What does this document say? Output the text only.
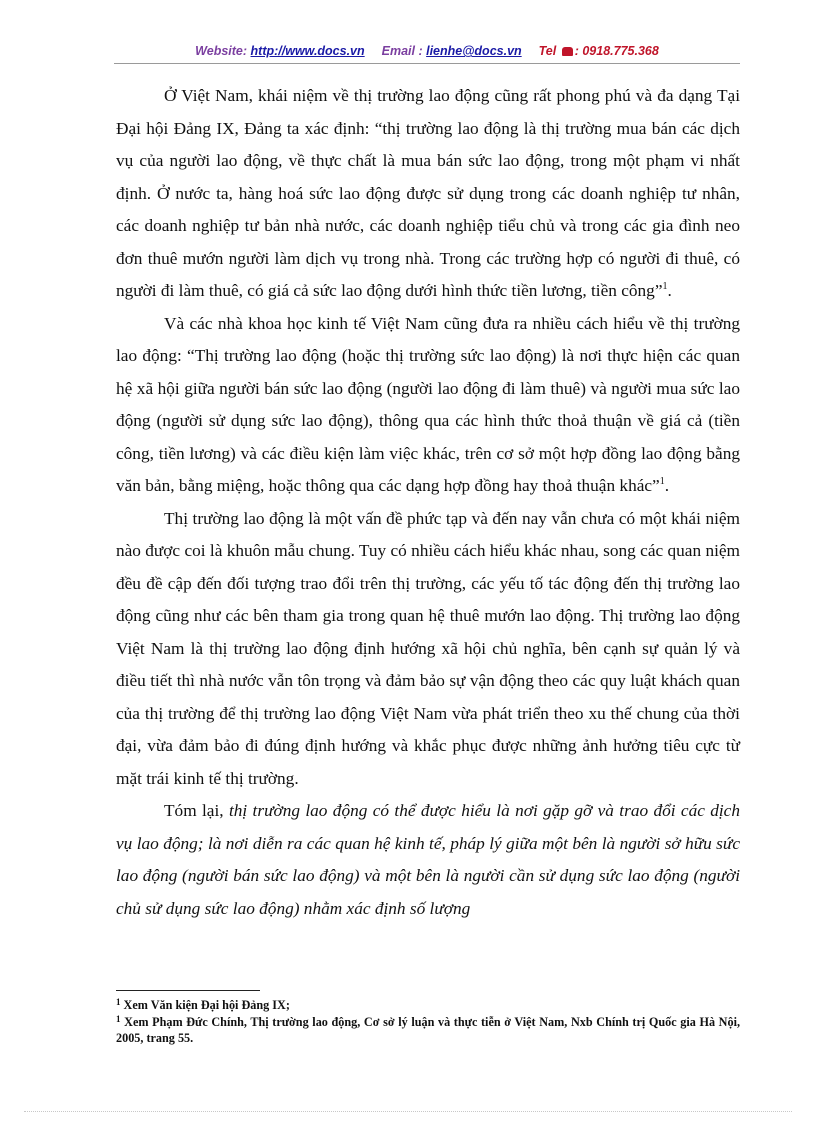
Website: http://www.docs.vn Email : lienhe@docs.vn Tel : 0918.775.368

Ở Việt Nam, khái niệm về thị trường lao động cũng rất phong phú và đa dạng Tại Đại hội Đảng IX, Đảng ta xác định: “thị trường lao động là thị trường mua bán các dịch vụ của người lao động, về thực chất là mua bán sức lao động, trong một phạm vi nhất định. Ở nước ta, hàng hoá sức lao động được sử dụng trong các doanh nghiệp tư nhân, các doanh nghiệp tư bản nhà nước, các doanh nghiệp tiểu chủ và trong các gia đình neo đơn thuê mướn người làm dịch vụ trong nhà. Trong các trường hợp có người đi thuê, có người đi làm thuê, có giá cả sức lao động dưới hình thức tiền lương, tiền công”$^1$.

Và các nhà khoa học kinh tế Việt Nam cũng đưa ra nhiều cách hiểu về thị trường lao động: “Thị trường lao động (hoặc thị trường sức lao động) là nơi thực hiện các quan hệ xã hội giữa người bán sức lao động (người lao động đi làm thuê) và người mua sức lao động (người sử dụng sức lao động), thông qua các hình thức thoả thuận về giá cả (tiền công, tiền lương) và các điều kiện làm việc khác, trên cơ sở một hợp đồng lao động bằng văn bản, bằng miệng, hoặc thông qua các dạng hợp đồng hay thoả thuận khác”$^1$.

Thị trường lao động là một vấn đề phức tạp và đến nay vẫn chưa có một khái niệm nào được coi là khuôn mẫu chung. Tuy có nhiều cách hiểu khác nhau, song các quan niệm đều đề cập đến đối tượng trao đổi trên thị trường, các yếu tố tác động đến thị trường lao động cũng như các bên tham gia trong quan hệ thuê mướn lao động. Thị trường lao động Việt Nam là thị trường lao động định hướng xã hội chủ nghĩa, bên cạnh sự quản lý và điều tiết thì nhà nước vẫn tôn trọng và đảm bảo sự vận động theo các quy luật khách quan của thị trường để thị trường lao động Việt Nam vừa phát triển theo xu thế chung của thời đại, vừa đảm bảo đi đúng định hướng và khắc phục được những ảnh hưởng tiêu cực từ mặt trái kinh tế thị trường.

Tóm lại, thị trường lao động có thể được hiểu là nơi gặp gỡ và trao đổi các dịch vụ lao động; là nơi diễn ra các quan hệ kinh tế, pháp lý giữa một bên là người sở hữu sức lao động (người bán sức lao động) và một bên là người cần sử dụng sức lao động (người chủ sử dụng sức lao động) nhằm xác định số lượng

$^1$ Xem Văn kiện Đại hội Đảng IX;

$^1$ Xem Phạm Đức Chính, Thị trường lao động, Cơ sở lý luận và thực tiễn ở Việt Nam, Nxb Chính trị Quốc gia Hà Nội, 2005, trang 55.
